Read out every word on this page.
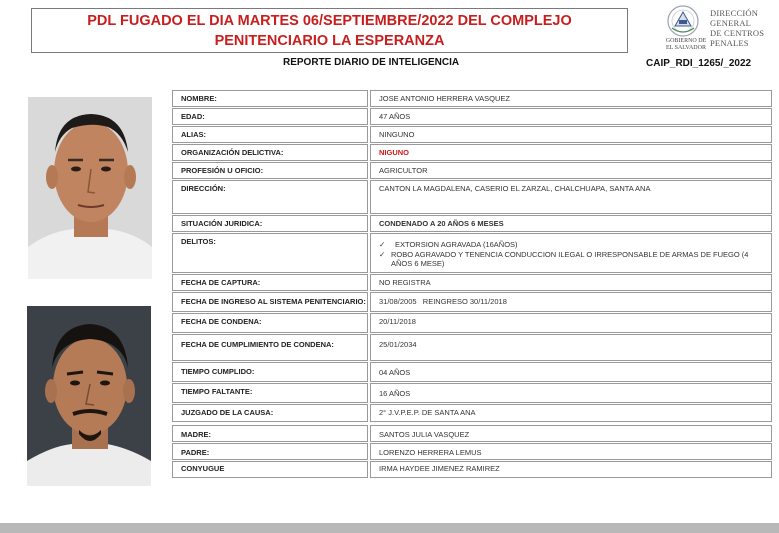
PDL FUGADO EL DIA MARTES 06/SEPTIEMBRE/2022 DEL COMPLEJO PENITENCIARIO LA ESPERANZA	GOBIERNO DE
EL SALVADOR
DIRECCIÓN
GENERAL
DE CENTROS
PENALES
REPORTE DIARIO DE INTELIGENCIA	CAIP_RDI_1265/_2022
NOMBRE:	JOSE ANTONIO HERRERA VASQUEZ
EDAD:	47 AÑOS
ALIAS:	NINGUNO
ORGANIZACIÓN DELICTIVA:	NIGUNO
PROFESIÓN U OFICIO:	AGRICULTOR
DIRECCIÓN:	CANTON LA MAGDALENA, CASERIO EL ZARZAL, CHALCHUAPA, SANTA ANA
SITUACIÓN JURIDICA:	CONDENADO A 20 AÑOS 6 MESES
DELITOS:	✓	EXTORSION AGRAVADA (16AÑOS)
✓ ROBO AGRAVADO Y TENENCIA CONDUCCION ILEGAL O IRRESPONSABLE DE ARMAS DE FUEGO (4 AÑOS 6 MESE)
FECHA DE CAPTURA:	NO REGISTRA
FECHA DE INGRESO AL SISTEMA PENITENCIARIO: 31/08/2005   REINGRESO 30/11/2018
FECHA DE CONDENA:	20/11/2018
FECHA DE CUMPLIMIENTO DE CONDENA:	25/01/2034
TIEMPO CUMPLIDO:	04 AÑOS
TIEMPO FALTANTE:	16 AÑOS
JUZGADO DE LA CAUSA:	2° J.V.P.E.P. DE SANTA ANA
MADRE:	SANTOS JULIA VASQUEZ
PADRE:	LORENZO HERRERA LEMUS
CONYUGUE	IRMA HAYDEE JIMENEZ RAMIREZ
